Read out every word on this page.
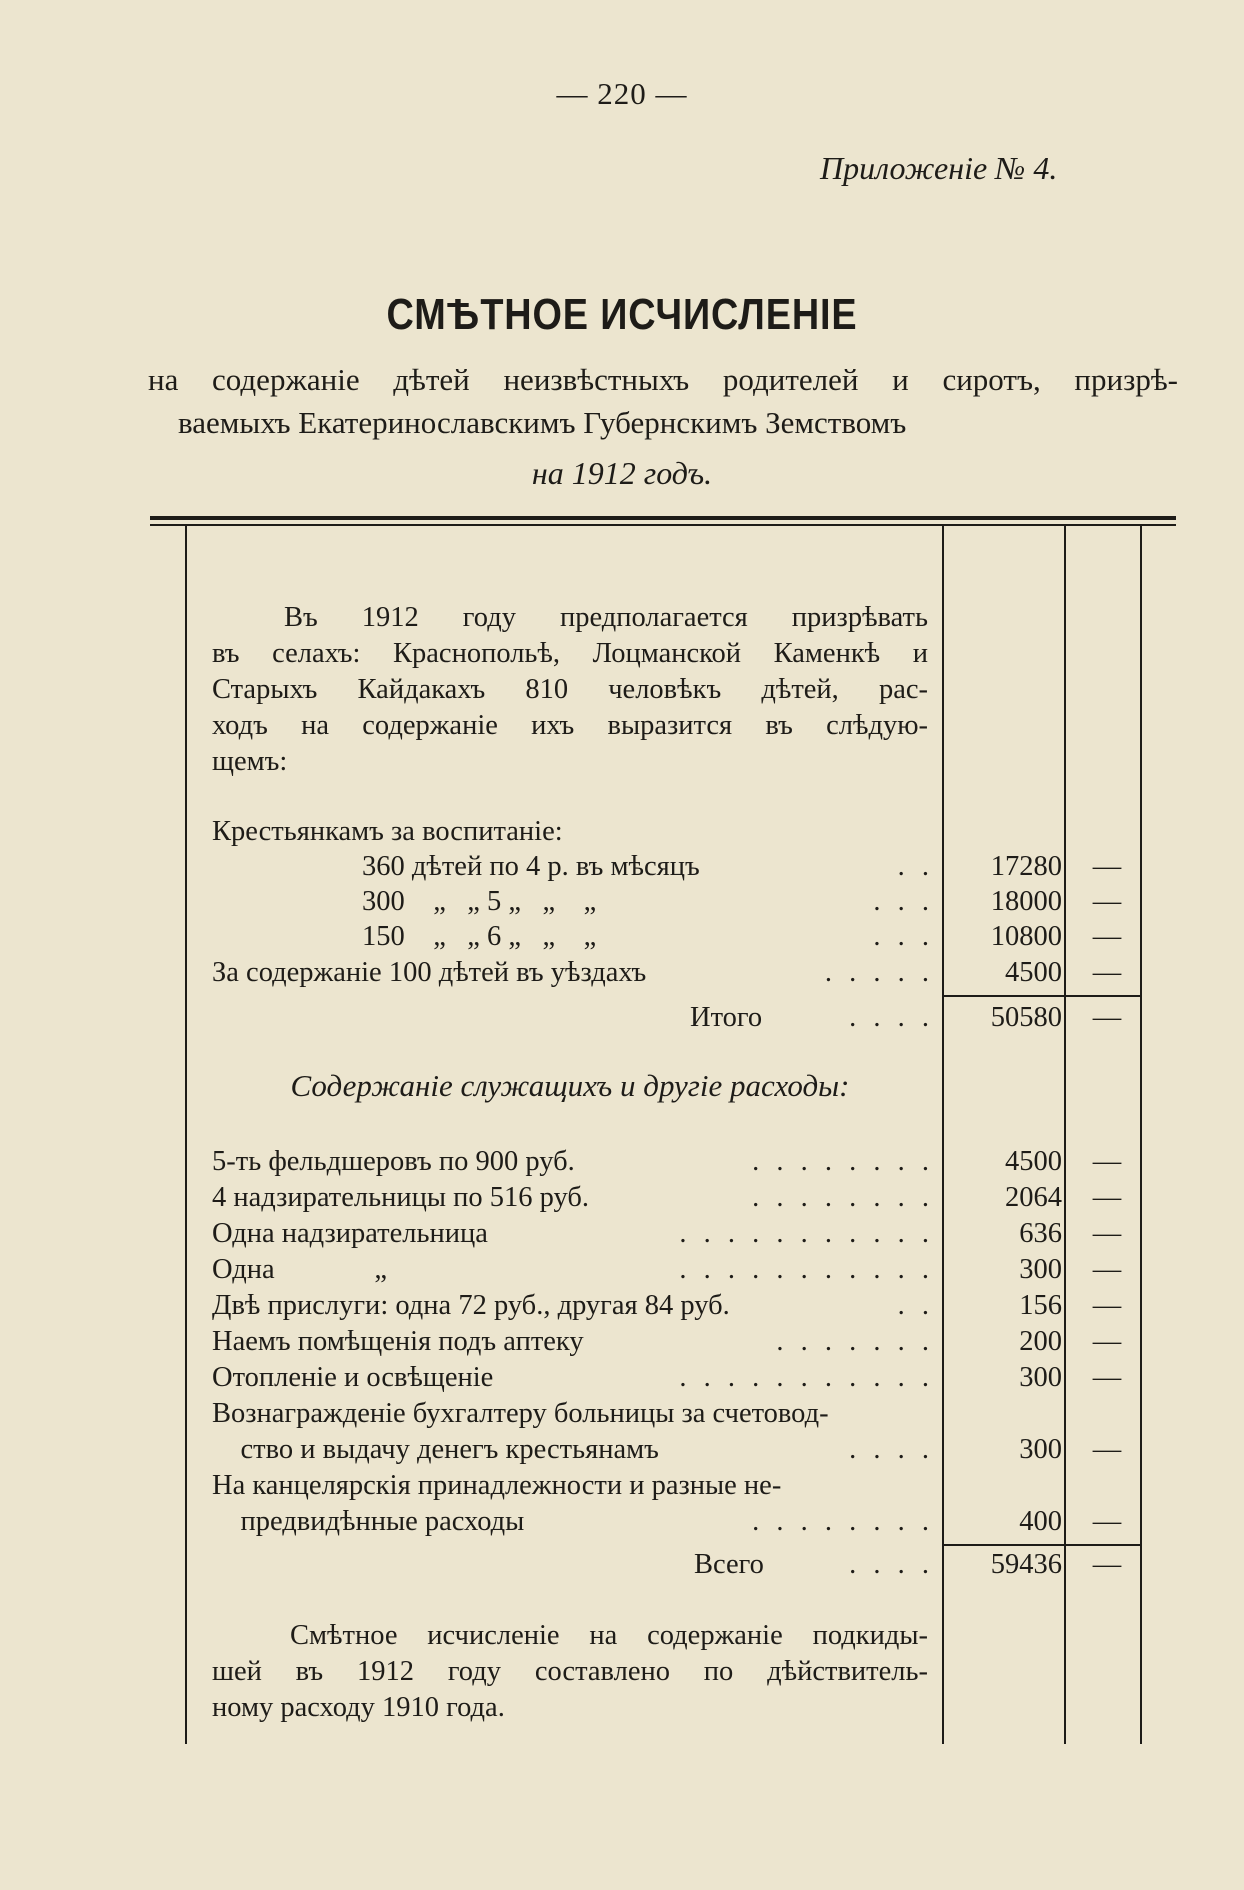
— 220 —
Приложеніе № 4.
СМѢТНОЕ ИСЧИСЛЕНІЕ
на содержаніе дѣтей неизвѣстныхъ родителей и сиротъ, призрѣ-
ваемыхъ Екатеринославскимъ Губернскимъ Земствомъ
на 1912 годъ.
Въ 1912 году предполагается призрѣвать
въ селахъ: Краснопольѣ, Лоцманской Каменкѣ и
Старыхъ Кайдакахъ 810 человѣкъ дѣтей, рас-
ходъ на содержаніе ихъ выразится въ слѣдую-
щемъ:
Крестьянкамъ за воспитаніе:
360 дѣтей по 4 р. въ мѣсяцъ	. .	17280	—
300    „   „ 5 „   „    „	. . .	18000	—
150    „   „ 6 „   „    „	. . .	10800	—
За содержаніе 100 дѣтей въ уѣздахъ	. . . . .	4500	—
Итого	. . . .	50580	—
Содержаніе служащихъ и другіе расходы:
5-ть фельдшеровъ по 900 руб.	. . . . . . . .	4500	—
4 надзирательницы по 516 руб.	. . . . . . . .	2064	—
Одна надзирательница	. . . . . . . . . . .	636	—
Одна              „	. . . . . . . . . . .	300	—
Двѣ прислуги: одна 72 руб., другая 84 руб.	. .	156	—
Наемъ помѣщенія подъ аптеку	. . . . . . .	200	—
Отопленіе и освѣщеніе	. . . . . . . . . . .	300	—
Вознагражденіе бухгалтеру больницы за счетовод-
ство и выдачу денегъ крестьянамъ	. . . .	300	—
На канцелярскія принадлежности и разные не-
предвидѣнные расходы	. . . . . . . .	400	—
Всего	. . . .	59436	—
Смѣтное исчисленіе на содержаніе подкиды-
шей въ 1912 году составлено по дѣйствитель-
ному расходу 1910 года.
